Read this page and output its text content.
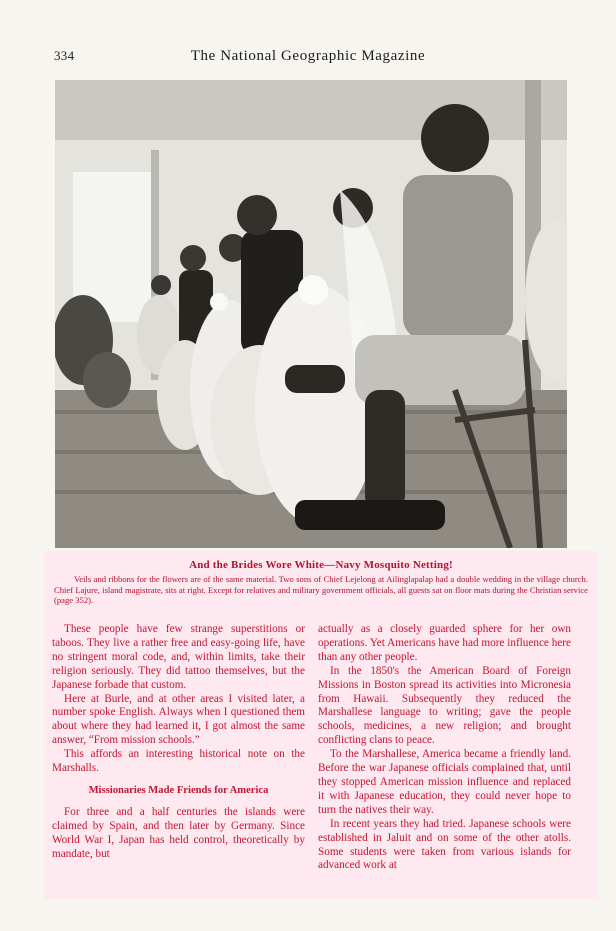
334	The National Geographic Magazine
And the Brides Wore White—Navy Mosquito Netting!
Veils and ribbons for the flowers are of the same material. Two sons of Chief Lejelong at Ailinglapalap had a double wedding in the village church. Chief Lajure, island magistrate, sits at right. Except for relatives and military government officials, all guests sat on floor mats during the Christian service (page 352).

These people have few strange superstitions or taboos. They live a rather free and easy-going life, have no stringent moral code, and, within limits, take their religion seriously. They did tattoo themselves, but the Japanese forbade that custom.

Here at Burle, and at other areas I visited later, a number spoke English. Always when I questioned them about where they had learned it, I got almost the same answer, “From mission schools.”

This affords an interesting historical note on the Marshalls.

Missionaries Made Friends for America

For three and a half centuries the islands were claimed by Spain, and then later by Germany. Since World War I, Japan has held control, theoretically by mandate, but

actually as a closely guarded sphere for her own operations. Yet Americans have had more influence here than any other people.

In the 1850's the American Board of Foreign Missions in Boston spread its activities into Micronesia from Hawaii. Subsequently they reduced the Marshallese language to writing; gave the people schools, medicines, a new religion; and brought conflicting clans to peace.

To the Marshallese, America became a friendly land. Before the war Japanese officials complained that, until they stopped American mission influence and replaced it with Japanese education, they could never hope to turn the natives their way.

In recent years they had tried. Japanese schools were established in Jaluit and on some of the other atolls. Some students were taken from various islands for advanced work at
